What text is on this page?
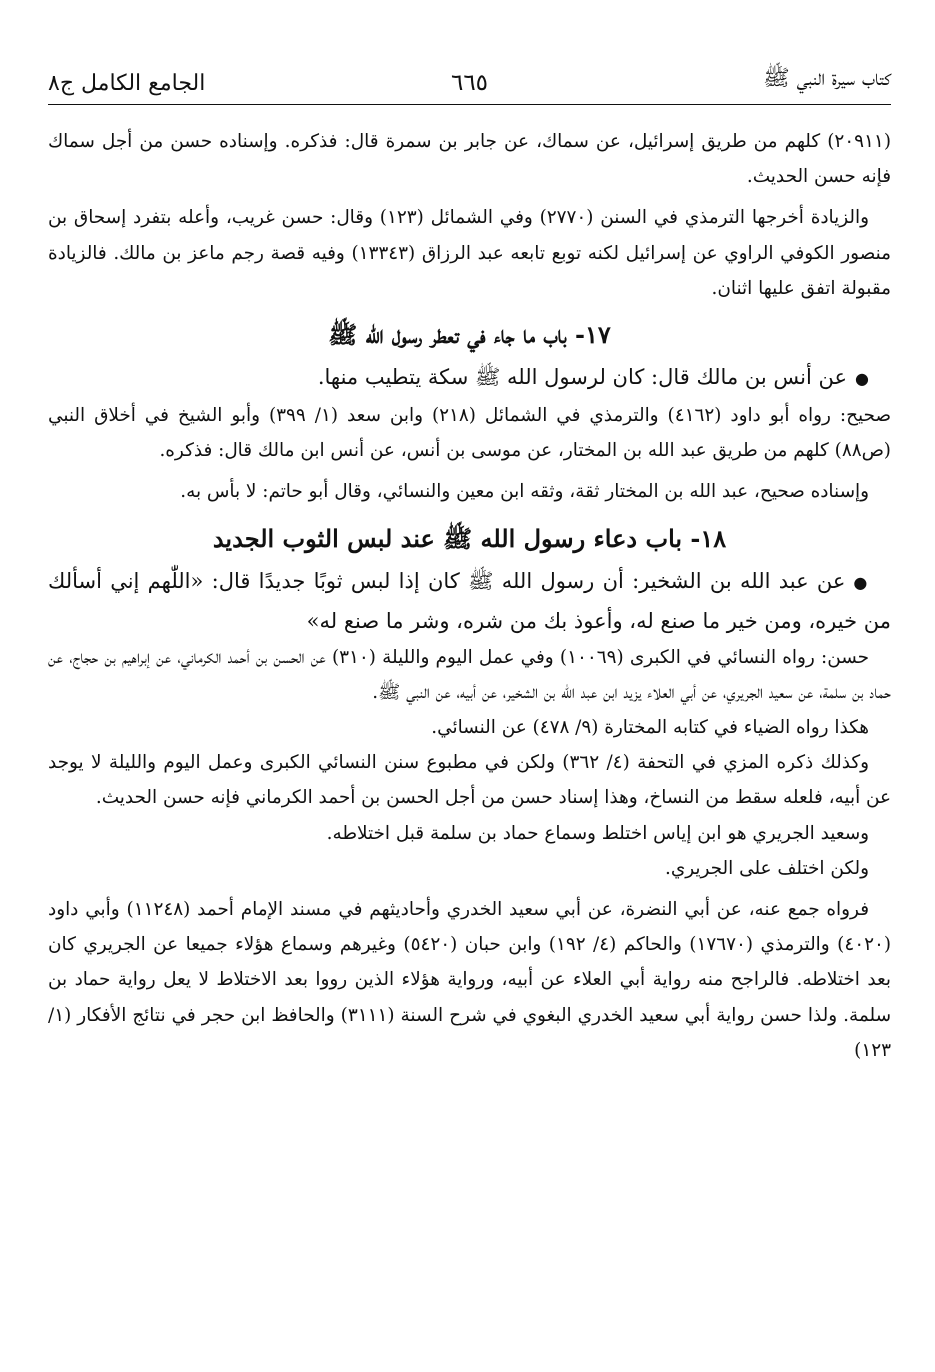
كتاب سيرة النبي ﷺ
٦٦٥
الجامع الكامل ج٨

(٢٠٩١١) كلهم من طريق إسرائيل، عن سماك، عن جابر بن سمرة قال: فذكره. وإسناده حسن من أجل سماك فإنه حسن الحديث.

والزيادة أخرجها الترمذي في السنن (٢٧٧٠) وفي الشمائل (١٢٣) وقال: حسن غريب، وأعله بتفرد إسحاق بن منصور الكوفي الراوي عن إسرائيل لكنه توبع تابعه عبد الرزاق (١٣٣٤٣) وفيه قصة رجم ماعز بن مالك. فالزيادة مقبولة اتفق عليها اثنان.

١٧- باب ما جاء في تعطر رسول الله ﷺ

●عن أنس بن مالك قال: كان لرسول الله ﷺ سكة يتطيب منها.

صحيح: رواه أبو داود (٤١٦٢) والترمذي في الشمائل (٢١٨) وابن سعد (١/ ٣٩٩) وأبو الشيخ في أخلاق النبي (ص٨٨) كلهم من طريق عبد الله بن المختار، عن موسى بن أنس، عن أنس ابن مالك قال: فذكره.

وإسناده صحيح، عبد الله بن المختار ثقة، وثقه ابن معين والنسائي، وقال أبو حاتم: لا بأس به.

١٨- باب دعاء رسول الله ﷺ عند لبس الثوب الجديد

●عن عبد الله بن الشخير: أن رسول الله ﷺ كان إذا لبس ثوبًا جديدًا قال: «اللّٰهم إني أسألك من خيره، ومن خير ما صنع له، وأعوذ بك من شره، وشر ما صنع له»

حسن: رواه النسائي في الكبرى (١٠٠٦٩) وفي عمل اليوم والليلة (٣١٠) عن الحسن بن أحمد الكرماني، عن إبراهيم بن حجاج، عن حماد بن سلمة، عن سعيد الجريري، عن أبي العلاء يزيد ابن عبد الله بن الشخير، عن أبيه، عن النبي ﷺ.

هكذا رواه الضياء في كتابه المختارة (٩/ ٤٧٨) عن النسائي.

وكذلك ذكره المزي في التحفة (٤/ ٣٦٢) ولكن في مطبوع سنن النسائي الكبرى وعمل اليوم والليلة لا يوجد عن أبيه، فلعله سقط من النساخ، وهذا إسناد حسن من أجل الحسن بن أحمد الكرماني فإنه حسن الحديث.

وسعيد الجريري هو ابن إياس اختلط وسماع حماد بن سلمة قبل اختلاطه.

ولكن اختلف على الجريري.

فرواه جمع عنه، عن أبي النضرة، عن أبي سعيد الخدري وأحاديثهم في مسند الإمام أحمد (١١٢٤٨) وأبي داود (٤٠٢٠) والترمذي (١٧٦٧٠) والحاكم (٤/ ١٩٢) وابن حبان (٥٤٢٠) وغيرهم وسماع هؤلاء جميعا عن الجريري كان بعد اختلاطه. فالراجح منه رواية أبي العلاء عن أبيه، ورواية هؤلاء الذين رووا بعد الاختلاط لا يعل رواية حماد بن سلمة. ولذا حسن رواية أبي سعيد الخدري البغوي في شرح السنة (٣١١١) والحافظ ابن حجر في نتائج الأفكار (١/ ١٢٣)
